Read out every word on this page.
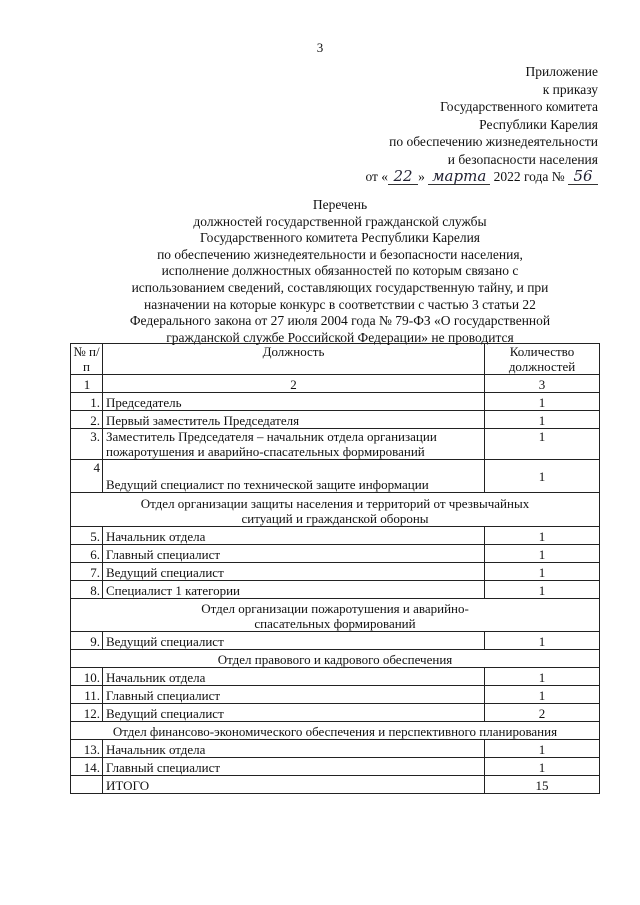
3
Приложение
к приказу
Государственного комитета
Республики Карелия
по обеспечению жизнедеятельности
и безопасности населения
от « 22 » марта 2022 года № 56
Перечень
должностей государственной гражданской службы
Государственного комитета Республики Карелия
по обеспечению жизнедеятельности и безопасности населения,
исполнение должностных обязанностей по которым связано с
использованием сведений, составляющих государственную тайну, и при
назначении на которые конкурс в соответствии с частью 3 статьи 22
Федерального закона от 27 июля 2004 года № 79-ФЗ «О государственной
гражданской службе Российской Федерации» не проводится
№ п/п	Должность	Количество должностей
1	2	3
1.	Председатель	1
2.	Первый заместитель Председателя	1
3.	Заместитель Председателя – начальник отдела организации пожаротушения и аварийно-спасательных формирований	1
4	Ведущий специалист по технической защите информации	1
Отдел организации защиты населения и территорий от чрезвычайных ситуаций и гражданской обороны		
5.	Начальник отдела	1
6.	Главный специалист	1
7.	Ведущий специалист	1
8.	Специалист 1 категории	1
Отдел организации пожаротушения и аварийно-спасательных формирований		
9.	Ведущий специалист	1
Отдел правового и кадрового обеспечения		
10.	Начальник отдела	1
11.	Главный специалист	1
12.	Ведущий специалист	2
Отдел финансово-экономического обеспечения и перспективного планирования		
13.	Начальник отдела	1
14.	Главный специалист	1
	ИТОГО	15
